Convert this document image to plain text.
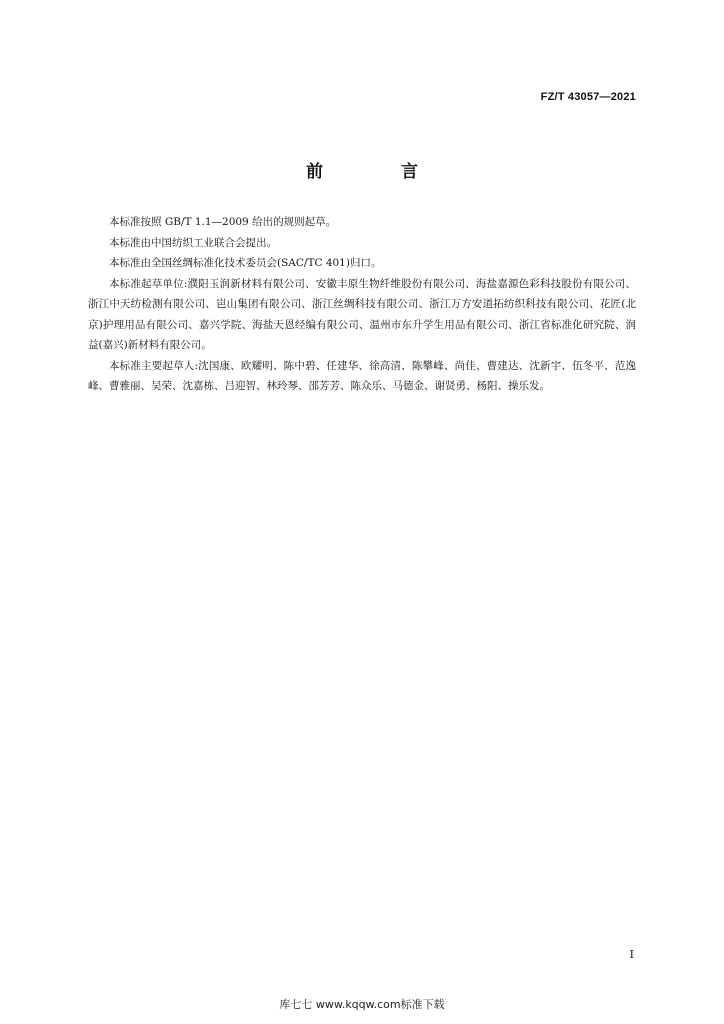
FZ/T 43057—2021
前 言

本标准按照 GB/T 1.1—2009 给出的规则起草。

本标准由中国纺织工业联合会提出。

本标准由全国丝绸标准化技术委员会(SAC/TC 401)归口。

本标准起草单位:濮阳玉润新材料有限公司、安徽丰原生物纤维股份有限公司、海盐嘉源色彩科技股份有限公司、浙江中天纺检测有限公司、岜山集团有限公司、浙江丝绸科技有限公司、浙江万方安道拓纺织科技有限公司、花匠(北京)护理用品有限公司、嘉兴学院、海盐天恩经编有限公司、温州市东升学生用品有限公司、浙江省标准化研究院、润益(嘉兴)新材料有限公司。

本标准主要起草人:沈国康、欧耀明、陈中碧、任建华、徐高清、陈攀峰、尚佳、曹建达、沈新宇、伍冬平、范逸峰、曹雅丽、吴荣、沈嘉栋、吕迎智、林玲琴、邵芳芳、陈众乐、马德金、谢贤勇、杨阳、操乐发。

I
库七七 www.kqqw.com标准下载
